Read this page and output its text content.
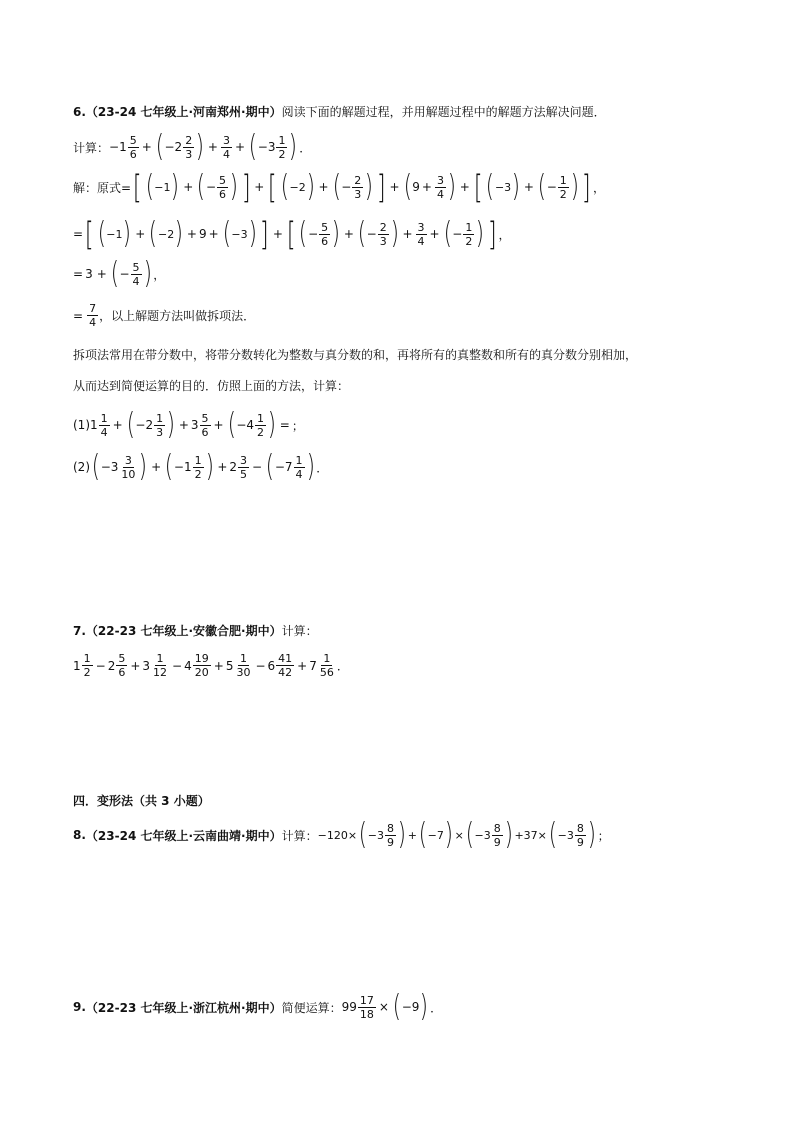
6. （23-24 七年级上·河南郑州·期中） 阅读下面的解题过程，并用解题过程中的解题方法解决问题．
计算： $-1 \frac{5}{6}$ + ( $-2 \frac{2}{3}$
) + $\frac{3}{4}$ + ( $-3 \frac{1}{2}$
) ．
解：原式= ( [ −1
) + ( − $\frac{5}{6}$
)
] + ( [ −2
) + ( − $\frac{2}{3}$
)
] + ( $9 + \frac{3}{4}$
) + ( [ −3
) + ( − $\frac{1}{2}$
)
] ，
= ( [ −1
) + ( −2
) + 9 + ( −3
)
] + ( [ − $\frac{5}{6}$
) + ( − $\frac{2}{3}$
) + $\frac{3}{4}$ + ( − $\frac{1}{2}$
)
] ，
= 3 + ( − $\frac{5}{4}$
) ，
= $\frac{7}{4}$ ，以上解题方法叫做拆项法．
拆项法常用在带分数中，将带分数转化为整数与真分数的和，再将所有的真整数和所有的真分数分别相加，
从而达到简便运算的目的．仿照上面的方法，计算：
(1) $1 \frac{1}{4}$ + ( $-2 \frac{1}{3}$
) + $3 \frac{5}{6}$ + ( $-4 \frac{1}{2}$
) = ；
(2) ( $-3 \frac{3}{10}$
) + ( $-1 \frac{1}{2}$
) + $2 \frac{3}{5}$ − ( $-7 \frac{1}{4}$
) ．
7. （22-23 七年级上·安徽合肥·期中） 计算：
$1 \frac{1}{2} - 2 \frac{5}{6} + 3 \frac{1}{12} - 4 \frac{19}{20} + 5 \frac{1}{30} - 6 \frac{41}{42} + 7 \frac{1}{56}$ ．
四．变形法（共 3 小题）
8. （23-24 七年级上·云南曲靖·期中） 计算： −120× ( $-3 \frac{8}{9}$
) + ( −7
) × ( $-3 \frac{8}{9}$
) +37× ( $-3 \frac{8}{9}$
) ；
9. （22-23 七年级上·浙江杭州·期中） 简便运算： $99 \frac{17}{18}$ × ( −9
) ．
